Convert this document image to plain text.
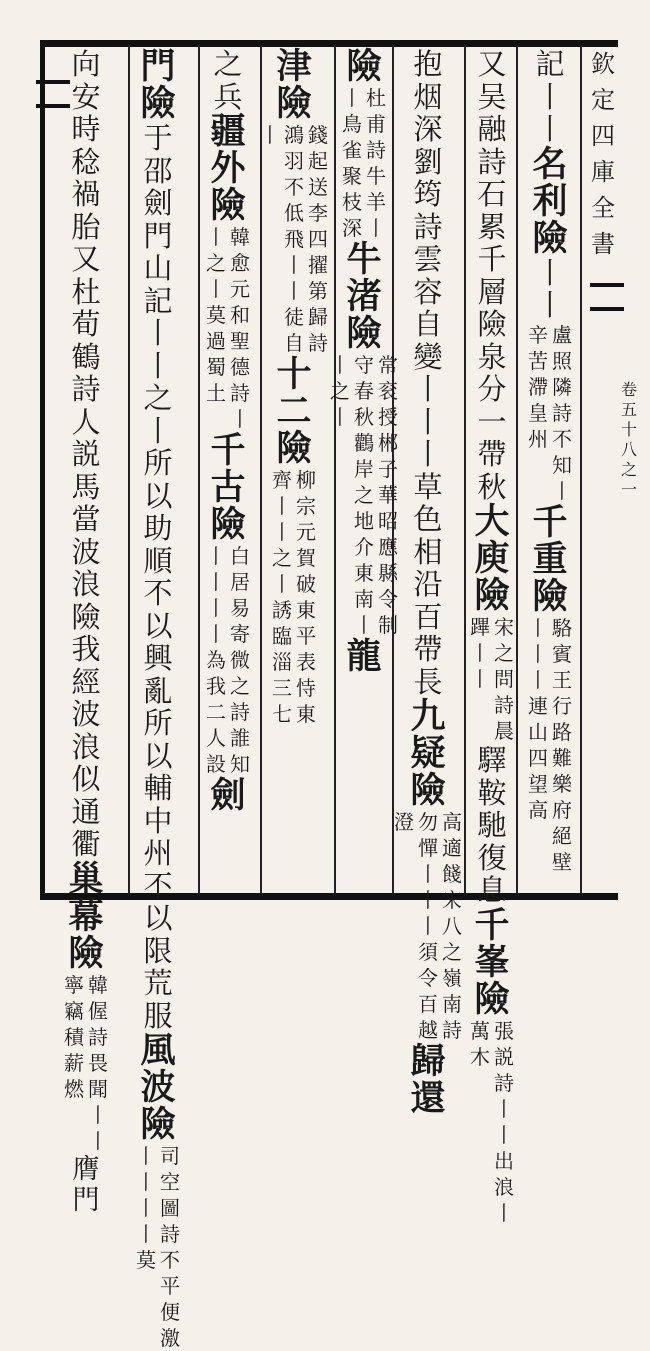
欽
定
四
庫
全
書
卷
五
十
八
之
一
記
丨
丨
名
利
險
丨
丨
盧
照
隣
詩
不
知
丨
辛
苦
滯
皇
州
千
重
險
駱
賓
王
行
路
難
樂
府
絕
壁
丨
丨
丨
連
山
四
望
高
又
吴
融
詩
石
累
千
層
險
泉
分
一
帶
秋
大
庾
險
宋
之
問
詩
晨
蹕
丨
丨
驛
鞍
馳
復
息
千
峯
險
張
説
詩
丨
丨
出
浪
丨
萬
木
抱
烟
深
劉
筠
詩
雲
容
自
變
丨
丨
丨
草
色
相
沿
百
帶
長
九
疑
險
高
適
餞
宋
八
之
嶺
南
詩
勿
憚
丨
丨
丨
須
令
百
越
澄
歸
還
險
杜
甫
詩
牛
羊
丨
丨
鳥
雀
聚
枝
深
牛
渚
險
常
衮
授
郴
子
華
昭
應
縣
令
制
守
春
秋
鸛
岸
之
地
介
東
南
丨
丨
之
丨
龍
津
險
錢
起
送
李
四
擢
第
歸
詩
鴻
羽
不
低
飛
丨
丨
徒
自
丨
十
二
險
柳
宗
元
賀
破
東
平
表
恃
東
齊
丨
丨
之
丨
誘
臨
淄
三
七
之
兵
疆
外
險
韓
愈
元
和
聖
德
詩
丨
丨
之
丨
莫
過
蜀
土
千
古
險
白
居
易
寄
微
之
詩
誰
知
丨
丨
丨
丨
為
我
二
人
設
劍
門
險
于
邵
劍
門
山
記
丨
丨
之
丨
所
以
助
順
不
以
興
亂
所
以
輔
中
州
不
以
限
荒
服
風
波
險
司
空
圖
詩
不
平
便
激
丨
丨
丨
丨
莫
向
安
時
稔
禍
胎
又
杜
荀
鶴
詩
人
説
馬
當
波
浪
險
我
經
波
浪
似
通
衢
巢
幕
險
韓
偓
詩
畏
聞
丨
丨
寧
竊
積
薪
燃
膺
門
